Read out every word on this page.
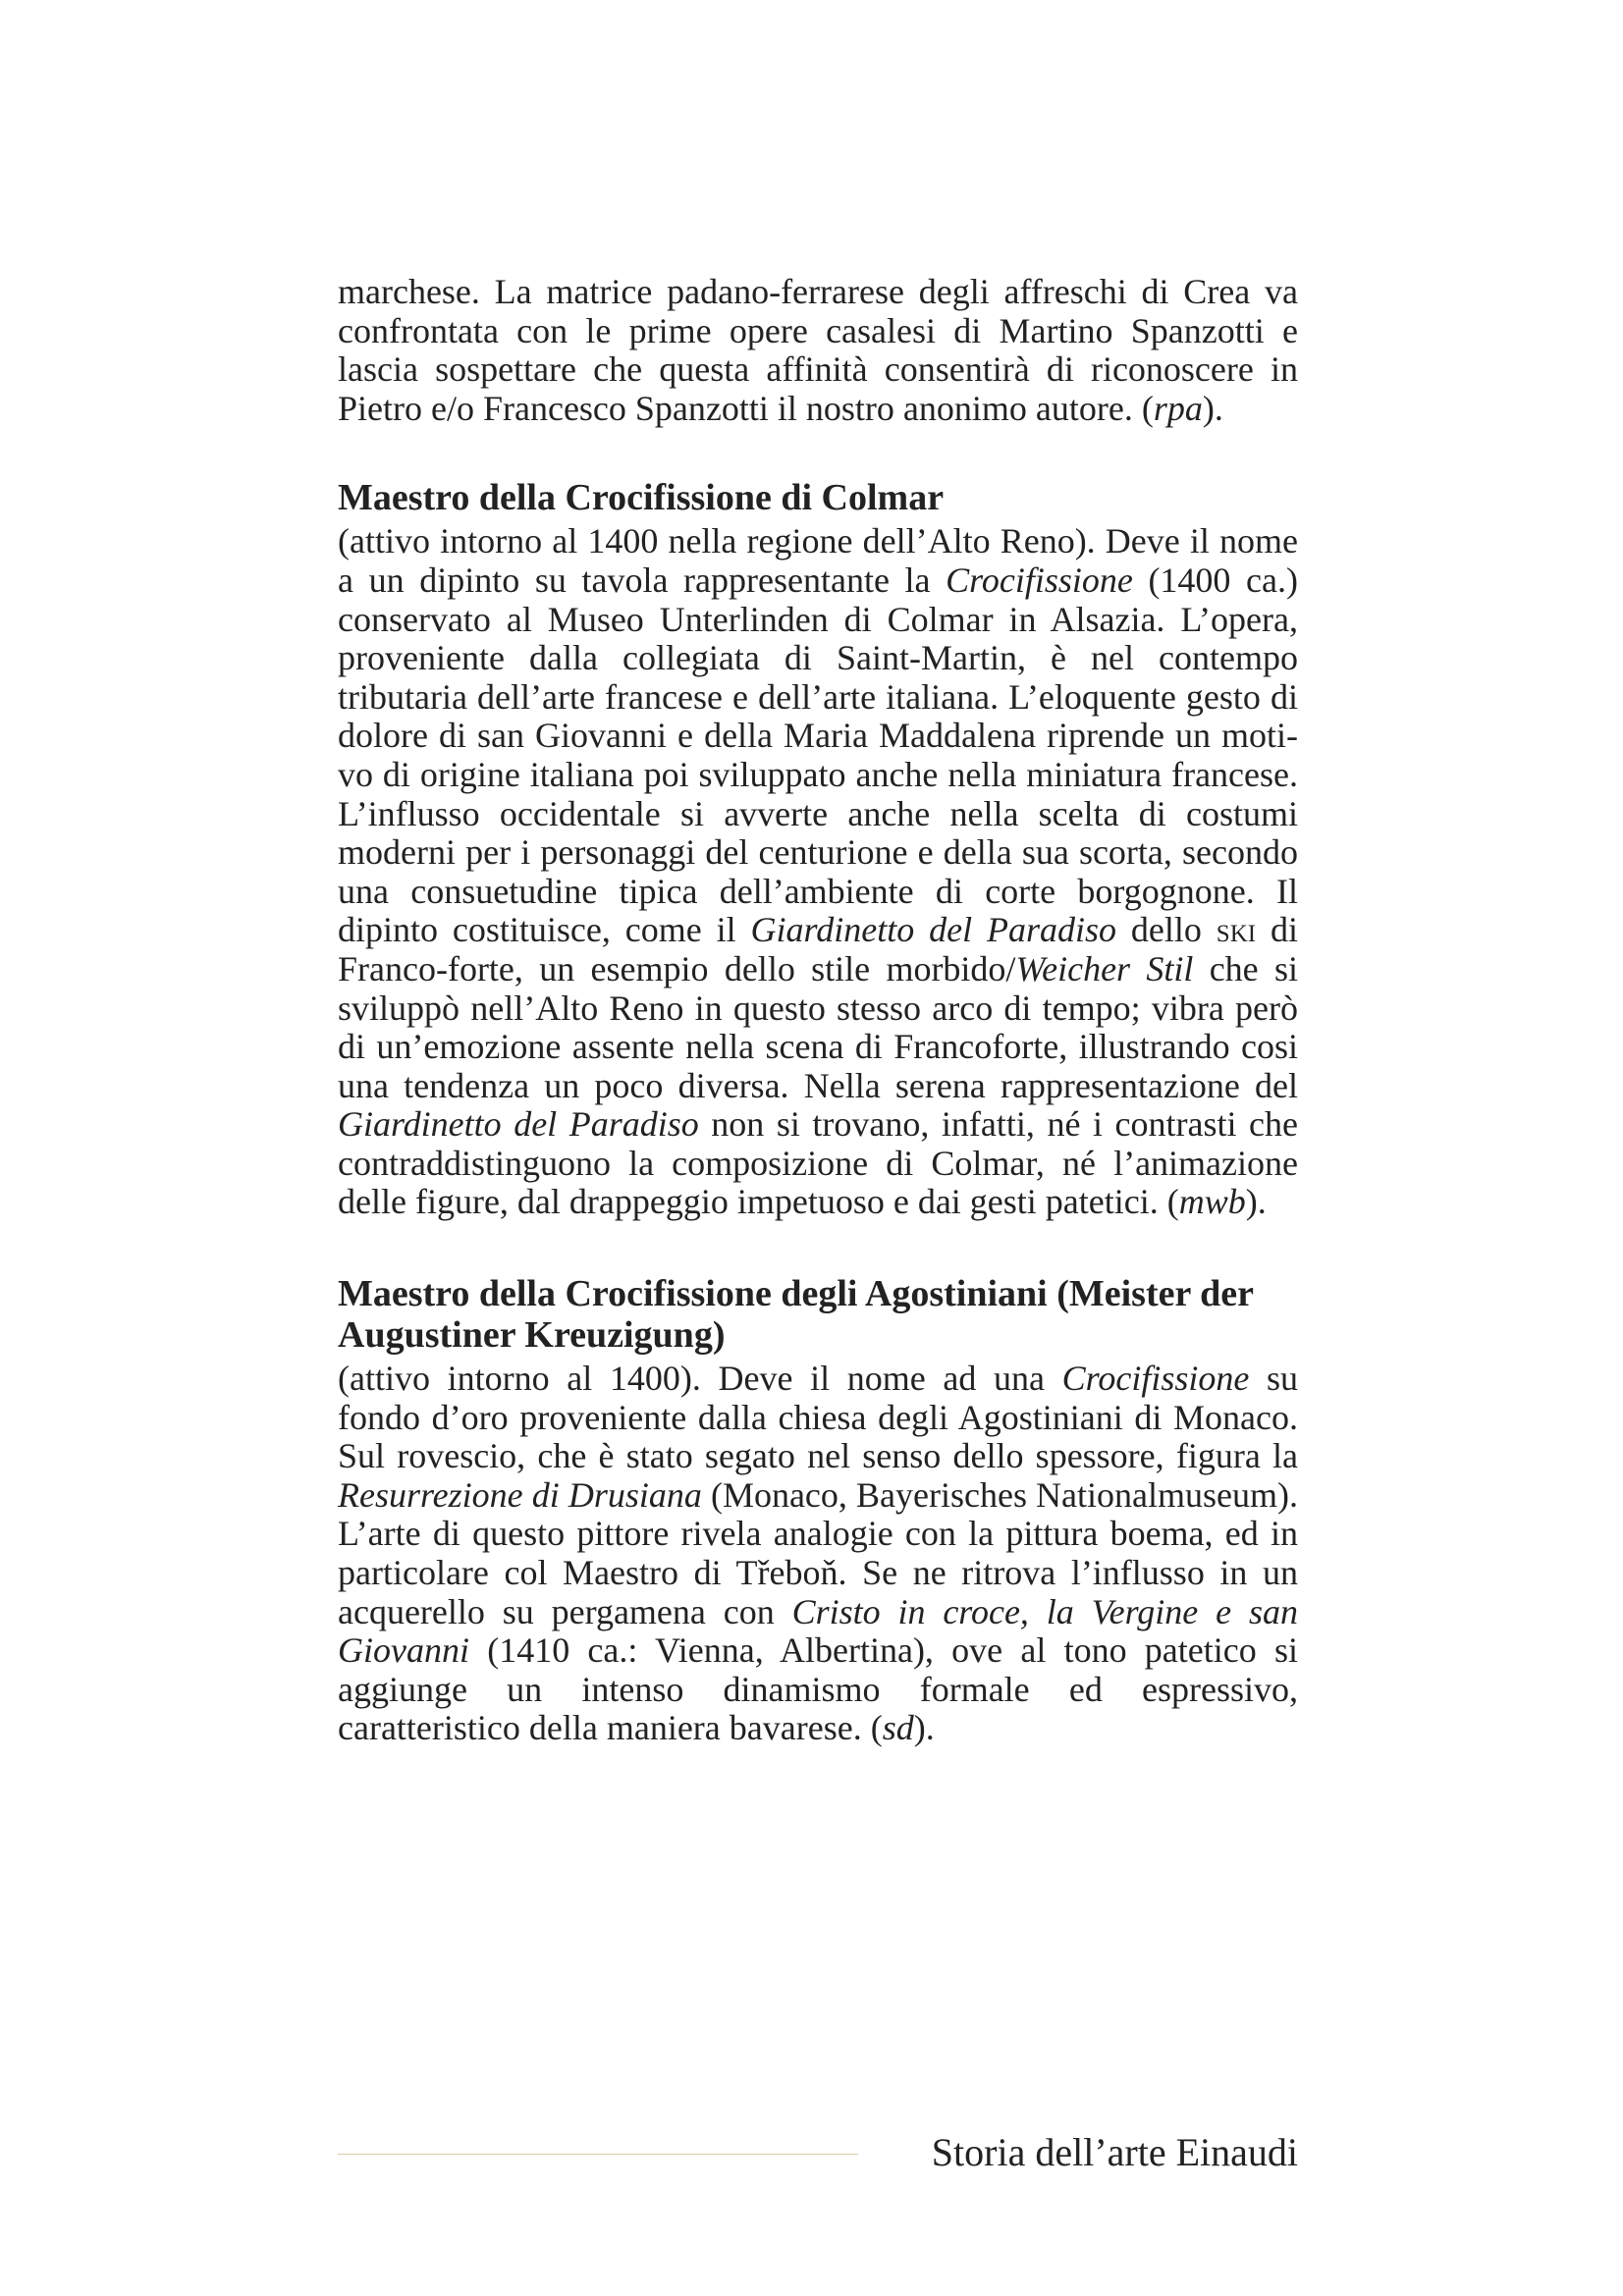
marchese. La matrice padano-ferrarese degli affreschi di Crea va confrontata con le prime opere casalesi di Martino Spanzotti e lascia sospettare che questa affinità consentirà di riconoscere in Pietro e/o Francesco Spanzotti il nostro anonimo autore. (rpa).

Maestro della Crocifissione di Colmar

(attivo intorno al 1400 nella regione dell’Alto Reno). Deve il nome a un dipinto su tavola rappresentante la Crocifissione (1400 ca.) conservato al Museo Unterlinden di Colmar in Alsazia. L’opera, proveniente dalla collegiata di Saint-Martin, è nel contempo tributaria dell’arte francese e dell’arte italiana. L’eloquente gesto di dolore di san Giovanni e della Maria Maddalena riprende un motivo di origine italiana poi sviluppato anche nella miniatura francese. L’influsso occidentale si avverte anche nella scelta di costumi moderni per i personaggi del centurione e della sua scorta, secondo una consuetudine tipica dell’ambiente di corte borgognone. Il dipinto costituisce, come il Giardinetto del Paradiso dello ski di Franco-forte, un esempio dello stile morbido/Weicher Stil che si sviluppò nell’Alto Reno in questo stesso arco di tempo; vibra però di un’emozione assente nella scena di Francoforte, illustrando cosi una tendenza un poco diversa. Nella serena rappresentazione del Giardinetto del Paradiso non si trovano, infatti, né i contrasti che contraddistinguono la composizione di Colmar, né l’animazione delle figure, dal drappeggio impetuoso e dai gesti patetici. (mwb).

Maestro della Crocifissione degli Agostiniani (Meister der Augustiner Kreuzigung)

(attivo intorno al 1400). Deve il nome ad una Crocifissione su fondo d’oro proveniente dalla chiesa degli Agostiniani di Monaco. Sul rovescio, che è stato segato nel senso dello spessore, figura la Resurrezione di Drusiana (Monaco, Bayerisches Nationalmuseum). L’arte di questo pittore rivela analogie con la pittura boema, ed in particolare col Maestro di Třeboň. Se ne ritrova l’influsso in un acquerello su pergamena con Cristo in croce, la Vergine e san Giovanni (1410 ca.: Vienna, Albertina), ove al tono patetico si aggiunge un intenso dinamismo formale ed espressivo, caratteristico della maniera bavarese. (sd).

Storia dell’arte Einaudi
